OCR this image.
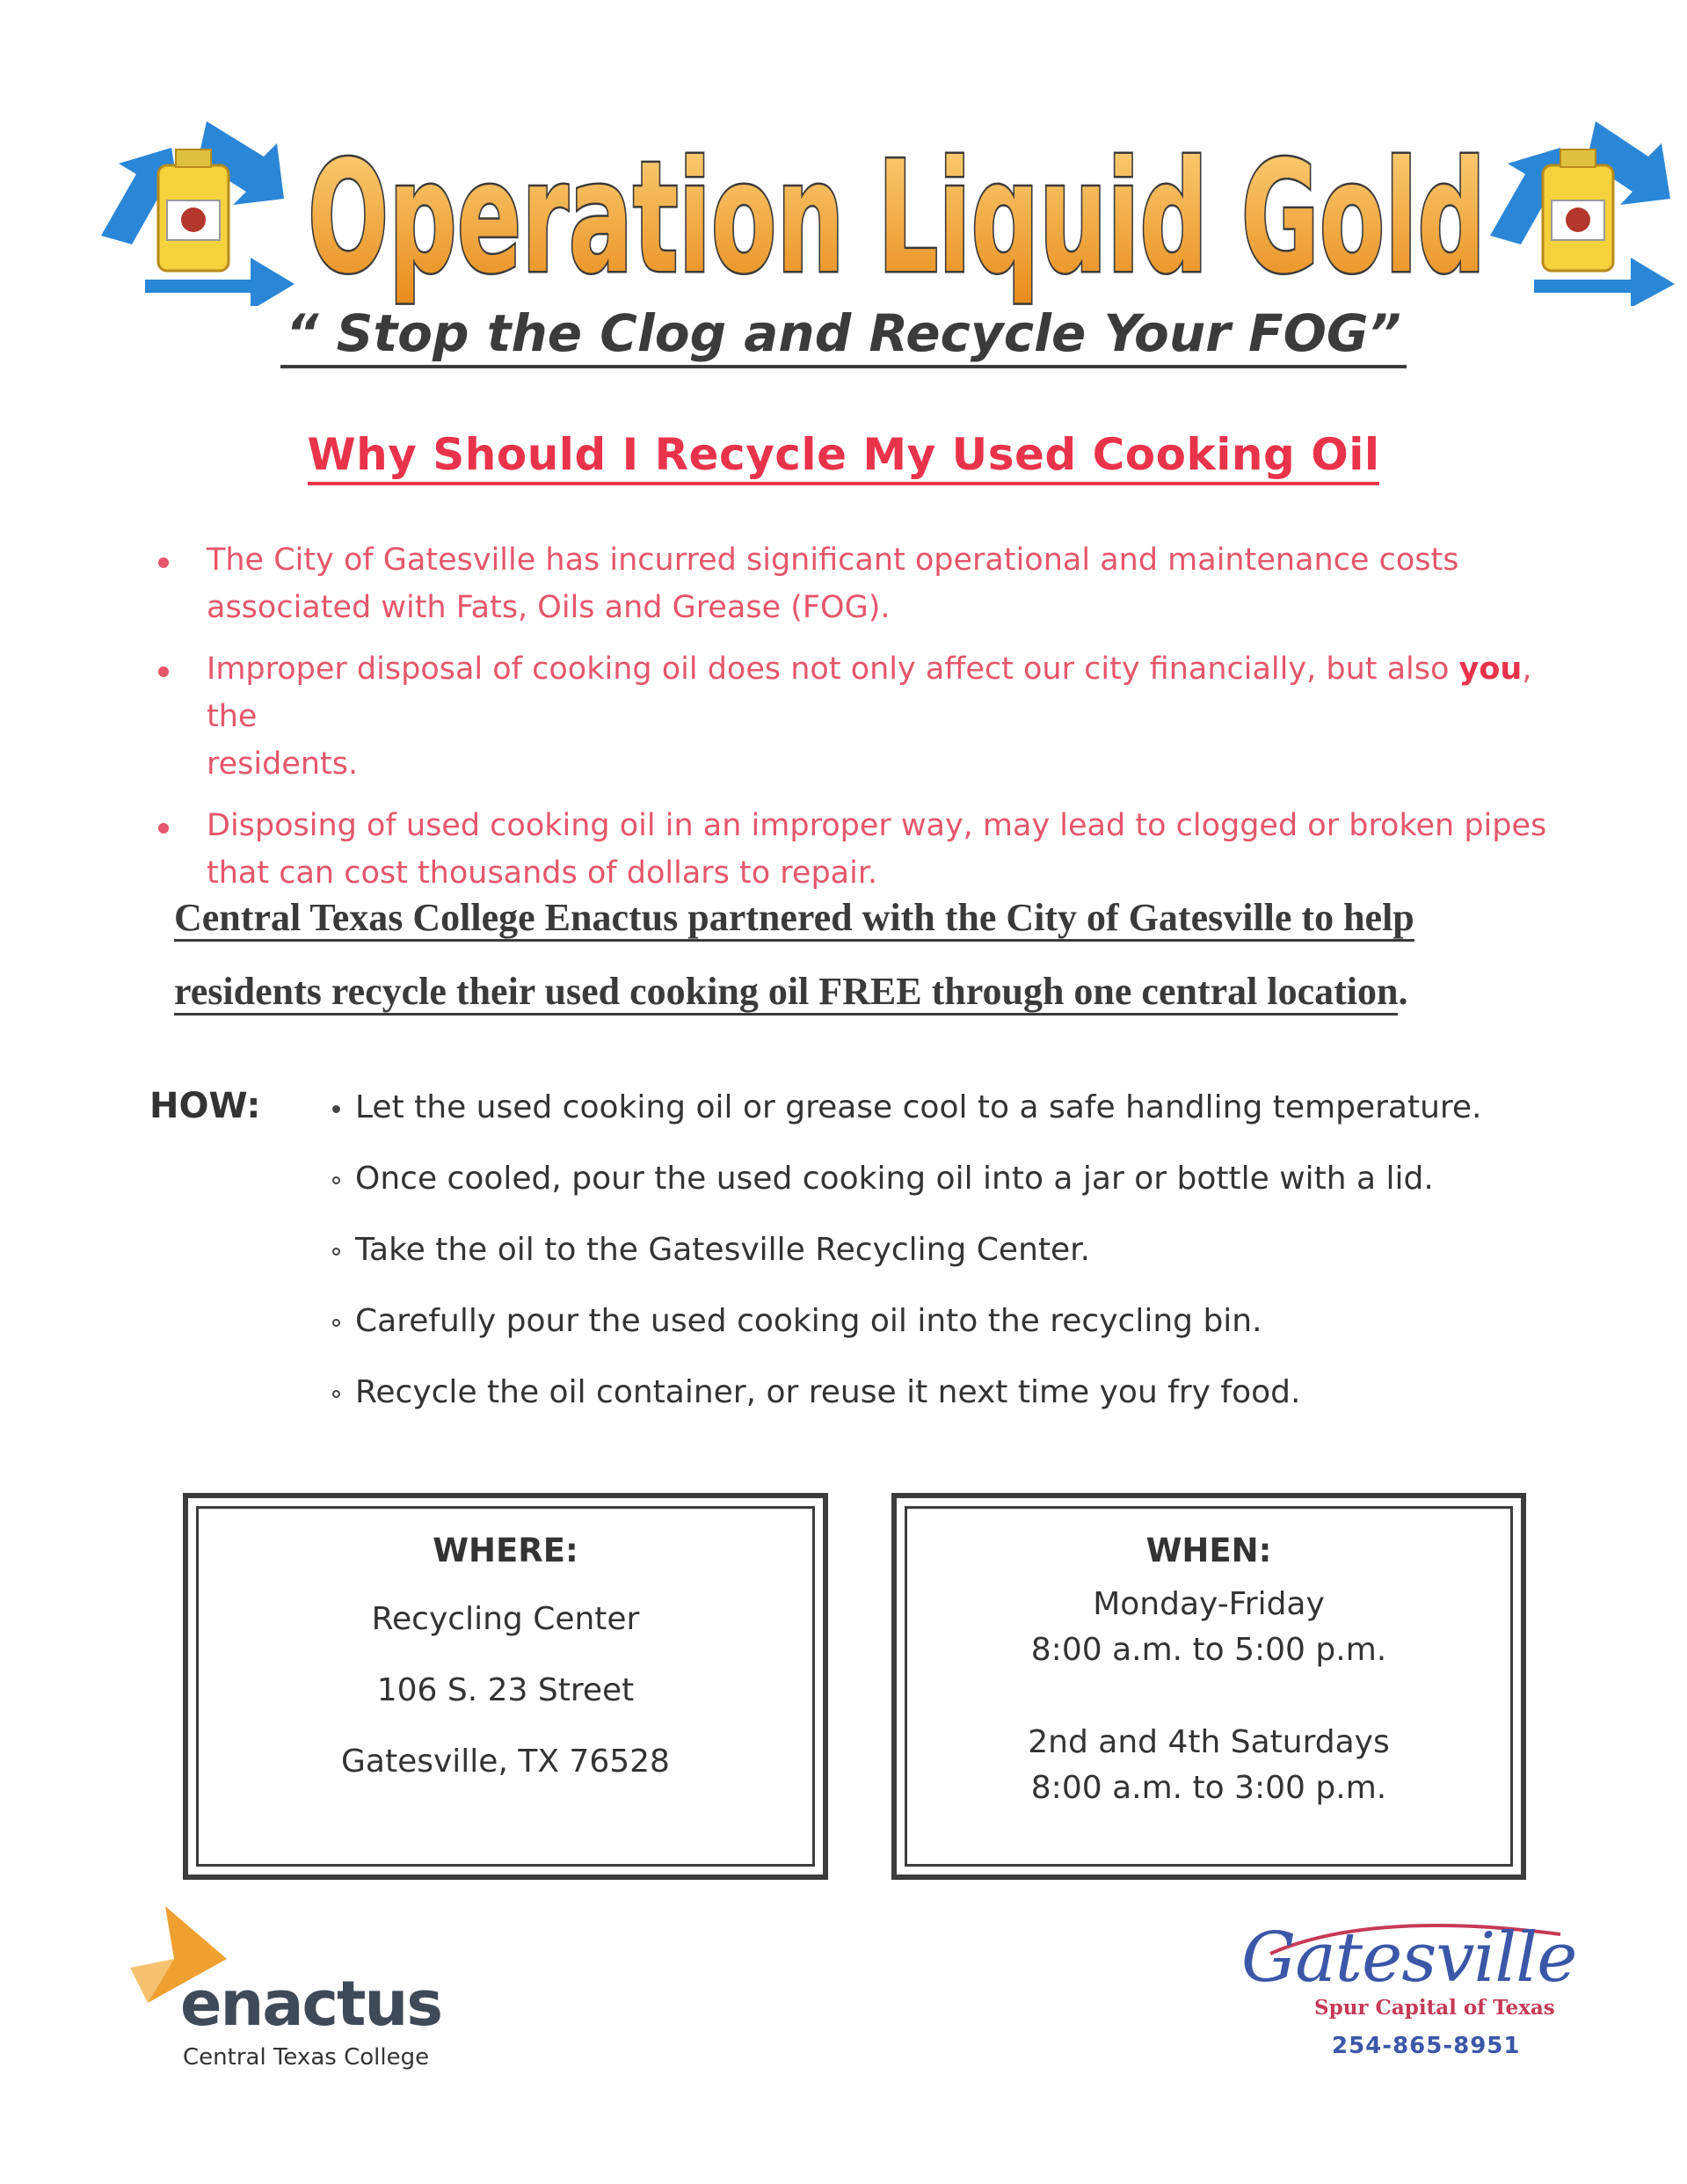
Operation Liquid Gold
“ Stop the Clog and Recycle Your FOG”
Why Should I Recycle My Used Cooking Oil
The City of Gatesville has incurred significant operational and maintenance costs
associated with Fats, Oils and Grease (FOG).
Improper disposal of cooking oil does not only affect our city financially, but also you, the
residents.
Disposing of used cooking oil in an improper way, may lead to clogged or broken pipes
that can cost thousands of dollars to repair.
Central Texas College Enactus partnered with the City of Gatesville to help
residents recycle their used cooking oil FREE through one central location.
HOW:	Let the used cooking oil or grease cool to a safe handling temperature.
Once cooled, pour the used cooking oil into a jar or bottle with a lid.
Take the oil to the Gatesville Recycling Center.
Carefully pour the used cooking oil into the recycling bin.
Recycle the oil container, or reuse it next time you fry food.
WHERE:
Recycling Center
106 S. 23 Street
Gatesville, TX 76528
WHEN:
Monday-Friday
8:00 a.m. to 5:00 p.m.
2nd and 4th Saturdays
8:00 a.m. to 3:00 p.m.
enactus
Central Texas College
Gatesville
Spur Capital of Texas
254-865-8951
